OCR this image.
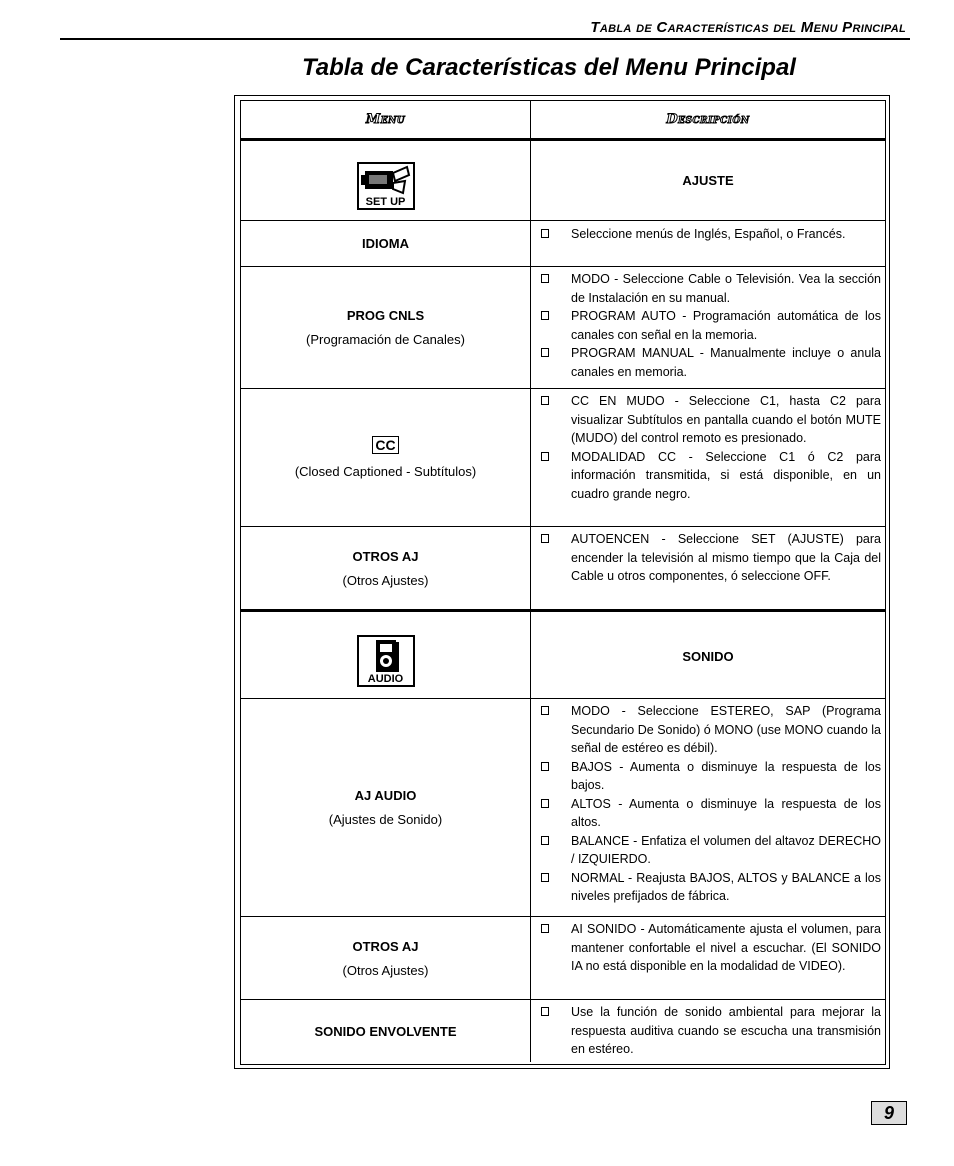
Tabla de Características del Menu Principal
Tabla de Características del Menu Principal
Menu	Descripción
SET UP
AJUSTE
IDIOMA
Seleccione menús de Inglés, Español, o Francés.
PROG CNLS
(Programación de Canales)
MODO - Seleccione Cable o Televisión. Vea la sección de Instalación en su manual.
PROGRAM AUTO - Programación automática de los canales con señal en la memoria.
PROGRAM MANUAL - Manualmente incluye o anula canales en memoria.
CC
(Closed Captioned - Subtítulos)
CC EN MUDO - Seleccione C1, hasta C2 para visualizar Subtítulos en pantalla cuando el botón MUTE (MUDO) del control remoto es presionado.
MODALIDAD CC - Seleccione C1 ó C2 para información transmitida, si está disponible, en un cuadro grande negro.
OTROS AJ
(Otros Ajustes)
AUTOENCEN - Seleccione SET (AJUSTE) para encender la televisión al mismo tiempo que la Caja del Cable u otros componentes, ó seleccione OFF.
AUDIO
SONIDO
AJ AUDIO
(Ajustes de Sonido)
MODO - Seleccione ESTEREO, SAP (Programa Secundario De Sonido) ó MONO (use MONO cuando la señal de estéreo es débil).
BAJOS - Aumenta o disminuye la respuesta de los bajos.
ALTOS - Aumenta o disminuye la respuesta de los altos.
BALANCE - Enfatiza el volumen del altavoz DERECHO / IZQUIERDO.
NORMAL - Reajusta BAJOS, ALTOS y BALANCE a los niveles prefijados de fábrica.
OTROS AJ
(Otros Ajustes)
AI SONIDO - Automáticamente ajusta el volumen, para mantener confortable el nivel a escuchar. (El SONIDO IA no está disponible en la modalidad de VIDEO).
SONIDO ENVOLVENTE
Use la función de sonido ambiental para mejorar la respuesta auditiva cuando se escucha una transmisión en estéreo.
9
